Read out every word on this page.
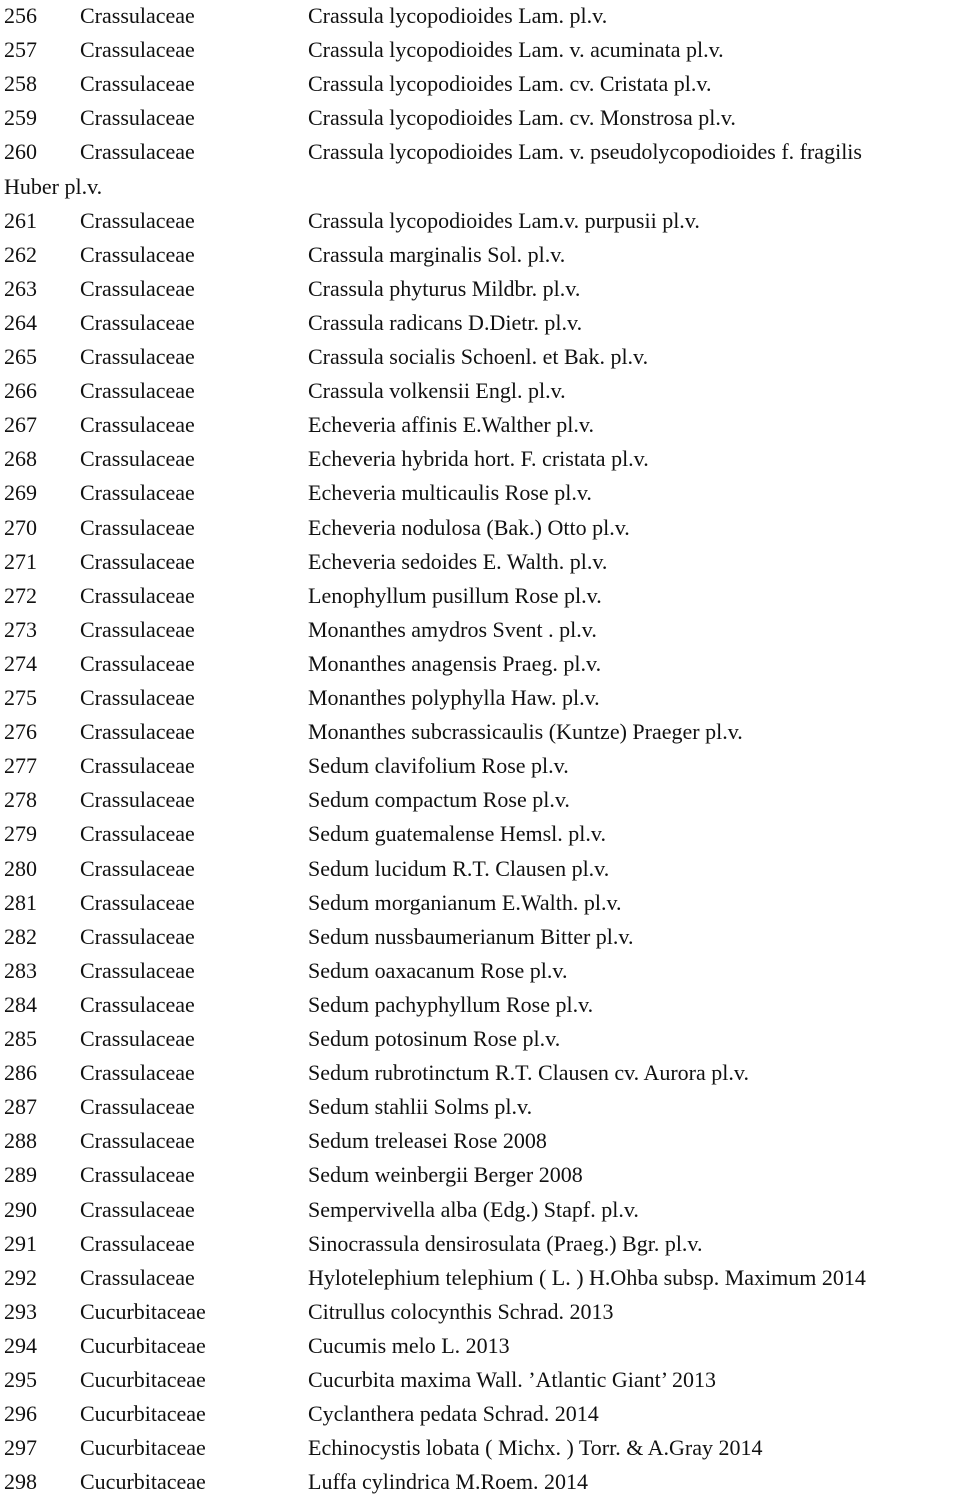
256 Crassulaceae	Crassula lycopodioides Lam. pl.v.
257 Crassulaceae	Crassula lycopodioides Lam. v. acuminata pl.v.
258 Crassulaceae	Crassula lycopodioides Lam. cv. Cristata pl.v.
259 Crassulaceae	Crassula lycopodioides Lam. cv. Monstrosa pl.v.
260 Crassulaceae	Crassula lycopodioides Lam. v. pseudolycopodioides f. fragilis
Huber pl.v.
261 Crassulaceae	Crassula lycopodioides Lam.v. purpusii pl.v.
262 Crassulaceae	Crassula marginalis Sol. pl.v.
263 Crassulaceae	Crassula phyturus Mildbr. pl.v.
264 Crassulaceae	Crassula radicans D.Dietr. pl.v.
265 Crassulaceae	Crassula socialis Schoenl. et Bak. pl.v.
266 Crassulaceae	Crassula volkensii Engl. pl.v.
267 Crassulaceae	Echeveria affinis E.Walther pl.v.
268 Crassulaceae	Echeveria hybrida hort. F. cristata pl.v.
269 Crassulaceae	Echeveria multicaulis Rose pl.v.
270 Crassulaceae	Echeveria nodulosa (Bak.) Otto pl.v.
271 Crassulaceae	Echeveria sedoides E. Walth. pl.v.
272 Crassulaceae	Lenophyllum pusillum Rose pl.v.
273 Crassulaceae	Monanthes amydros Svent . pl.v.
274 Crassulaceae	Monanthes anagensis Praeg. pl.v.
275 Crassulaceae	Monanthes polyphylla Haw. pl.v.
276 Crassulaceae	Monanthes subcrassicaulis (Kuntze) Praeger pl.v.
277 Crassulaceae	Sedum clavifolium Rose pl.v.
278 Crassulaceae	Sedum compactum Rose pl.v.
279 Crassulaceae	Sedum guatemalense Hemsl. pl.v.
280 Crassulaceae	Sedum lucidum R.T. Clausen pl.v.
281 Crassulaceae	Sedum morganianum E.Walth. pl.v.
282 Crassulaceae	Sedum nussbaumerianum Bitter pl.v.
283 Crassulaceae	Sedum oaxacanum Rose pl.v.
284 Crassulaceae	Sedum pachyphyllum Rose pl.v.
285 Crassulaceae	Sedum potosinum Rose pl.v.
286 Crassulaceae	Sedum rubrotinctum R.T. Clausen cv. Aurora pl.v.
287 Crassulaceae	Sedum stahlii Solms pl.v.
288 Crassulaceae	Sedum treleasei Rose 2008
289 Crassulaceae	Sedum weinbergii Berger 2008
290 Crassulaceae	Sempervivella alba (Edg.) Stapf. pl.v.
291 Crassulaceae	Sinocrassula densirosulata (Praeg.) Bgr. pl.v.
292 Crassulaceae	Hylotelephium telephium ( L. ) H.Ohba subsp. Maximum 2014
293 Cucurbitaceae	Citrullus colocynthis Schrad. 2013
294 Cucurbitaceae	Cucumis melo L. 2013
295 Cucurbitaceae	Cucurbita maxima Wall. ’Atlantic Giant’ 2013
296 Cucurbitaceae	Cyclanthera pedata Schrad. 2014
297 Cucurbitaceae	Echinocystis lobata ( Michx. ) Torr. & A.Gray 2014
298 Cucurbitaceae	Luffa cylindrica M.Roem. 2014
